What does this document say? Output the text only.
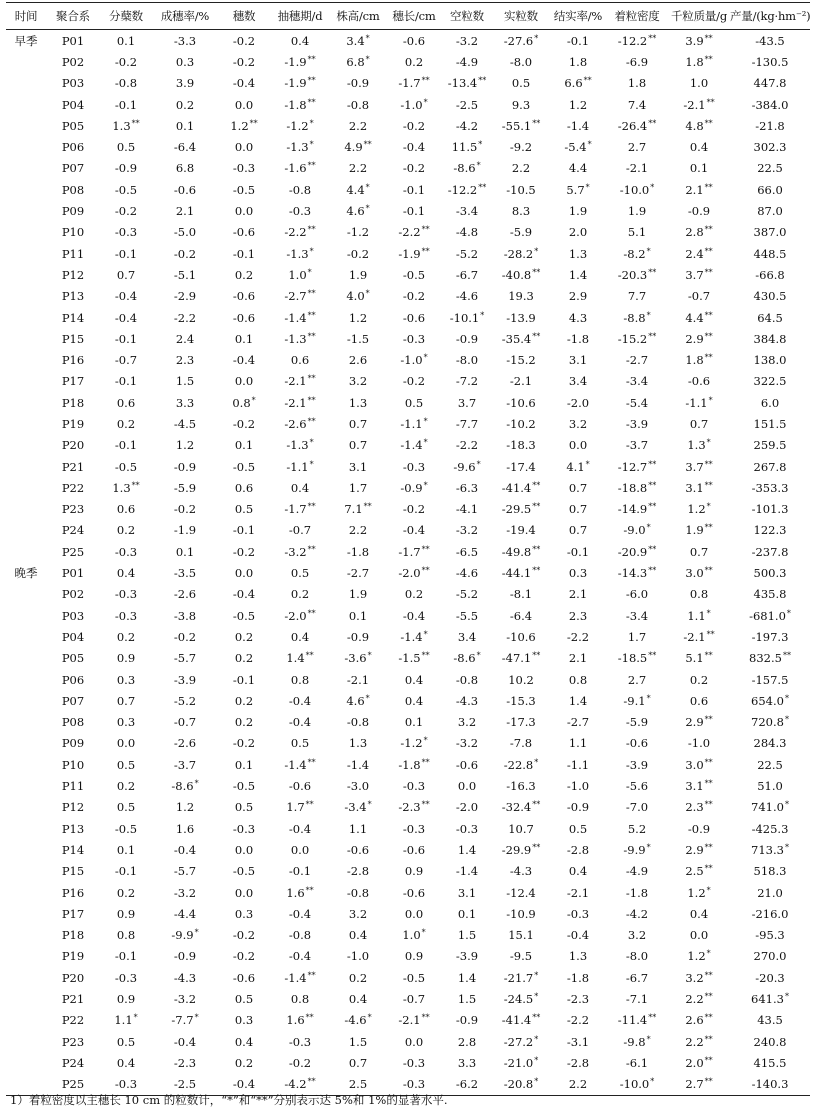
时间	聚合系	分蘖数	成穗率/%	穗数	抽穗期/d	株高/cm	穗长/cm	空粒数	实粒数	结实率/%	着粒密度	千粒质量/g	产量/(kg·hm⁻²)
早季	P01	0.1	-3.3	-0.2	0.4	3.4*	-0.6	-3.2	-27.6*	-0.1	-12.2**	3.9**	-43.5
	P02	-0.2	0.3	-0.2	-1.9**	6.8*	0.2	-4.9	-8.0	1.8	-6.9	1.8**	-130.5
	P03	-0.8	3.9	-0.4	-1.9**	-0.9	-1.7**	-13.4**	0.5	6.6**	1.8	1.0	447.8
	P04	-0.1	0.2	0.0	-1.8**	-0.8	-1.0*	-2.5	9.3	1.2	7.4	-2.1**	-384.0
	P05	1.3**	0.1	1.2**	-1.2*	2.2	-0.2	-4.2	-55.1**	-1.4	-26.4**	4.8**	-21.8
	P06	0.5	-6.4	0.0	-1.3*	4.9**	-0.4	11.5*	-9.2	-5.4*	2.7	0.4	302.3
	P07	-0.9	6.8	-0.3	-1.6**	2.2	-0.2	-8.6*	2.2	4.4	-2.1	0.1	22.5
	P08	-0.5	-0.6	-0.5	-0.8	4.4*	-0.1	-12.2**	-10.5	5.7*	-10.0*	2.1**	66.0
	P09	-0.2	2.1	0.0	-0.3	4.6*	-0.1	-3.4	8.3	1.9	1.9	-0.9	87.0
	P10	-0.3	-5.0	-0.6	-2.2**	-1.2	-2.2**	-4.8	-5.9	2.0	5.1	2.8**	387.0
	P11	-0.1	-0.2	-0.1	-1.3*	-0.2	-1.9**	-5.2	-28.2*	1.3	-8.2*	2.4**	448.5
	P12	0.7	-5.1	0.2	1.0*	1.9	-0.5	-6.7	-40.8**	1.4	-20.3**	3.7**	-66.8
	P13	-0.4	-2.9	-0.6	-2.7**	4.0*	-0.2	-4.6	19.3	2.9	7.7	-0.7	430.5
	P14	-0.4	-2.2	-0.6	-1.4**	1.2	-0.6	-10.1*	-13.9	4.3	-8.8*	4.4**	64.5
	P15	-0.1	2.4	0.1	-1.3**	-1.5	-0.3	-0.9	-35.4**	-1.8	-15.2**	2.9**	384.8
	P16	-0.7	2.3	-0.4	0.6	2.6	-1.0*	-8.0	-15.2	3.1	-2.7	1.8**	138.0
	P17	-0.1	1.5	0.0	-2.1**	3.2	-0.2	-7.2	-2.1	3.4	-3.4	-0.6	322.5
	P18	0.6	3.3	0.8*	-2.1**	1.3	0.5	3.7	-10.6	-2.0	-5.4	-1.1*	6.0
	P19	0.2	-4.5	-0.2	-2.6**	0.7	-1.1*	-7.7	-10.2	3.2	-3.9	0.7	151.5
	P20	-0.1	1.2	0.1	-1.3*	0.7	-1.4*	-2.2	-18.3	0.0	-3.7	1.3*	259.5
	P21	-0.5	-0.9	-0.5	-1.1*	3.1	-0.3	-9.6*	-17.4	4.1*	-12.7**	3.7**	267.8
	P22	1.3**	-5.9	0.6	0.4	1.7	-0.9*	-6.3	-41.4**	0.7	-18.8**	3.1**	-353.3
	P23	0.6	-0.2	0.5	-1.7**	7.1**	-0.2	-4.1	-29.5**	0.7	-14.9**	1.2*	-101.3
	P24	0.2	-1.9	-0.1	-0.7	2.2	-0.4	-3.2	-19.4	0.7	-9.0*	1.9**	122.3
	P25	-0.3	0.1	-0.2	-3.2**	-1.8	-1.7**	-6.5	-49.8**	-0.1	-20.9**	0.7	-237.8
晚季	P01	0.4	-3.5	0.0	0.5	-2.7	-2.0**	-4.6	-44.1**	0.3	-14.3**	3.0**	500.3
	P02	-0.3	-2.6	-0.4	0.2	1.9	0.2	-5.2	-8.1	2.1	-6.0	0.8	435.8
	P03	-0.3	-3.8	-0.5	-2.0**	0.1	-0.4	-5.5	-6.4	2.3	-3.4	1.1*	-681.0*
	P04	0.2	-0.2	0.2	0.4	-0.9	-1.4*	3.4	-10.6	-2.2	1.7	-2.1**	-197.3
	P05	0.9	-5.7	0.2	1.4**	-3.6*	-1.5**	-8.6*	-47.1**	2.1	-18.5**	5.1**	832.5**
	P06	0.3	-3.9	-0.1	0.8	-2.1	0.4	-0.8	10.2	0.8	2.7	0.2	-157.5
	P07	0.7	-5.2	0.2	-0.4	4.6*	0.4	-4.3	-15.3	1.4	-9.1*	0.6	654.0*
	P08	0.3	-0.7	0.2	-0.4	-0.8	0.1	3.2	-17.3	-2.7	-5.9	2.9**	720.8*
	P09	0.0	-2.6	-0.2	0.5	1.3	-1.2*	-3.2	-7.8	1.1	-0.6	-1.0	284.3
	P10	0.5	-3.7	0.1	-1.4**	-1.4	-1.8**	-0.6	-22.8*	-1.1	-3.9	3.0**	22.5
	P11	0.2	-8.6*	-0.5	-0.6	-3.0	-0.3	0.0	-16.3	-1.0	-5.6	3.1**	51.0
	P12	0.5	1.2	0.5	1.7**	-3.4*	-2.3**	-2.0	-32.4**	-0.9	-7.0	2.3**	741.0*
	P13	-0.5	1.6	-0.3	-0.4	1.1	-0.3	-0.3	10.7	0.5	5.2	-0.9	-425.3
	P14	0.1	-0.4	0.0	0.0	-0.6	-0.6	1.4	-29.9**	-2.8	-9.9*	2.9**	713.3*
	P15	-0.1	-5.7	-0.5	-0.1	-2.8	0.9	-1.4	-4.3	0.4	-4.9	2.5**	518.3
	P16	0.2	-3.2	0.0	1.6**	-0.8	-0.6	3.1	-12.4	-2.1	-1.8	1.2*	21.0
	P17	0.9	-4.4	0.3	-0.4	3.2	0.0	0.1	-10.9	-0.3	-4.2	0.4	-216.0
	P18	0.8	-9.9*	-0.2	-0.8	0.4	1.0*	1.5	15.1	-0.4	3.2	0.0	-95.3
	P19	-0.1	-0.9	-0.2	-0.4	-1.0	0.9	-3.9	-9.5	1.3	-8.0	1.2*	270.0
	P20	-0.3	-4.3	-0.6	-1.4**	0.2	-0.5	1.4	-21.7*	-1.8	-6.7	3.2**	-20.3
	P21	0.9	-3.2	0.5	0.8	0.4	-0.7	1.5	-24.5*	-2.3	-7.1	2.2**	641.3*
	P22	1.1*	-7.7*	0.3	1.6**	-4.6*	-2.1**	-0.9	-41.4**	-2.2	-11.4**	2.6**	43.5
	P23	0.5	-0.4	0.4	-0.3	1.5	0.0	2.8	-27.2*	-3.1	-9.8*	2.2**	240.8
	P24	0.4	-2.3	0.2	-0.2	0.7	-0.3	3.3	-21.0*	-2.8	-6.1	2.0**	415.5
	P25	-0.3	-2.5	-0.4	-4.2**	2.5	-0.3	-6.2	-20.8*	2.2	-10.0*	2.7**	-140.3
1）着粒密度以主穗长 10 cm 的粒数计，“*”和“**”分别表示达 5%和 1%的显著水平.
